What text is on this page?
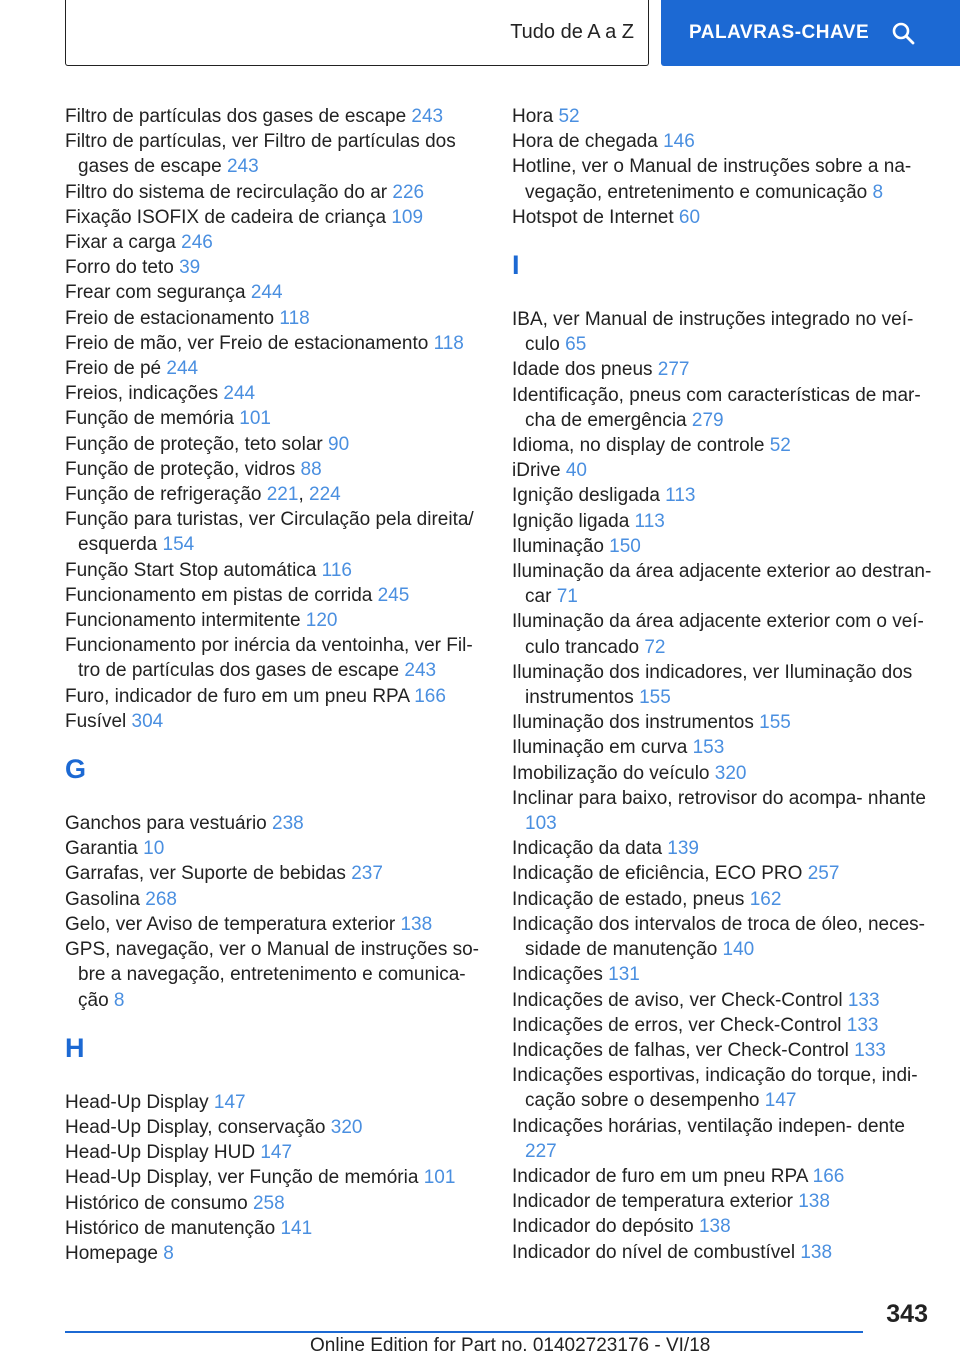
Tudo de A a Z	PALAVRAS-CHAVE
Filtro de partículas dos gases de escape 243
Filtro de partículas, ver Filtro de partículas dos gases de escape 243
Filtro do sistema de recirculação do ar 226
Fixação ISOFIX de cadeira de criança 109
Fixar a carga 246
Forro do teto 39
Frear com segurança 244
Freio de estacionamento 118
Freio de mão, ver Freio de estacionamento 118
Freio de pé 244
Freios, indicações 244
Função de memória 101
Função de proteção, teto solar 90
Função de proteção, vidros 88
Função de refrigeração 221, 224
Função para turistas, ver Circulação pela direita/ esquerda 154
Função Start Stop automática 116
Funcionamento em pistas de corrida 245
Funcionamento intermitente 120
Funcionamento por inércia da ventoinha, ver Fil- tro de partículas dos gases de escape 243
Furo, indicador de furo em um pneu RPA 166
Fusível 304
G
Ganchos para vestuário 238
Garantia 10
Garrafas, ver Suporte de bebidas 237
Gasolina 268
Gelo, ver Aviso de temperatura exterior 138
GPS, navegação, ver o Manual de instruções so- bre a navegação, entretenimento e comunica- ção 8
H
Head-Up Display 147
Head-Up Display, conservação 320
Head-Up Display HUD 147
Head-Up Display, ver Função de memória 101
Histórico de consumo 258
Histórico de manutenção 141
Homepage 8
Hora 52
Hora de chegada 146
Hotline, ver o Manual de instruções sobre a na- vegação, entretenimento e comunicação 8
Hotspot de Internet 60
I
IBA, ver Manual de instruções integrado no veí- culo 65
Idade dos pneus 277
Identificação, pneus com características de mar- cha de emergência 279
Idioma, no display de controle 52
iDrive 40
Ignição desligada 113
Ignição ligada 113
Iluminação 150
Iluminação da área adjacente exterior ao destran- car 71
Iluminação da área adjacente exterior com o veí- culo trancado 72
Iluminação dos indicadores, ver Iluminação dos instrumentos 155
Iluminação dos instrumentos 155
Iluminação em curva 153
Imobilização do veículo 320
Inclinar para baixo, retrovisor do acompa- nhante 103
Indicação da data 139
Indicação de eficiência, ECO PRO 257
Indicação de estado, pneus 162
Indicação dos intervalos de troca de óleo, neces- sidade de manutenção 140
Indicações 131
Indicações de aviso, ver Check-Control 133
Indicações de erros, ver Check-Control 133
Indicações de falhas, ver Check-Control 133
Indicações esportivas, indicação do torque, indi- cação sobre o desempenho 147
Indicações horárias, ventilação indepen- dente 227
Indicador de furo em um pneu RPA 166
Indicador de temperatura exterior 138
Indicador do depósito 138
Indicador do nível de combustível 138
343
Online Edition for Part no. 01402723176 - VI/18
